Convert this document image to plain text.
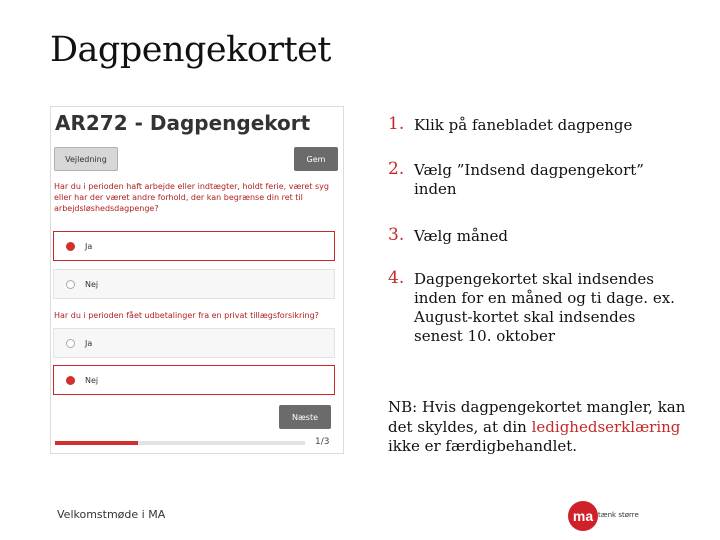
Dagpengekortet
AR272 - Dagpengekort
Vejledning	Gem
Har du i perioden haft arbejde eller indtægter, holdt ferie, været syg eller har der været andre forhold, der kan begrænse din ret til arbejdsløshedsdagpenge?
Ja
Nej
Har du i perioden fået udbetalinger fra en privat tillægsforsikring?
Ja
Nej
Næste
1/3
1. Klik på fanebladet dagpenge
2. Vælg ”Indsend dagpengekort” inden
3. Vælg måned
4. Dagpengekortet skal indsendes inden for en måned og ti dage. ex. August-kortet skal indsendes senest 10. oktober
NB: Hvis dagpengekortet mangler, kan det skyldes, at din ledighedserklæring ikke er færdigbehandlet.
Velkomstmøde i MA	ma tænk større
